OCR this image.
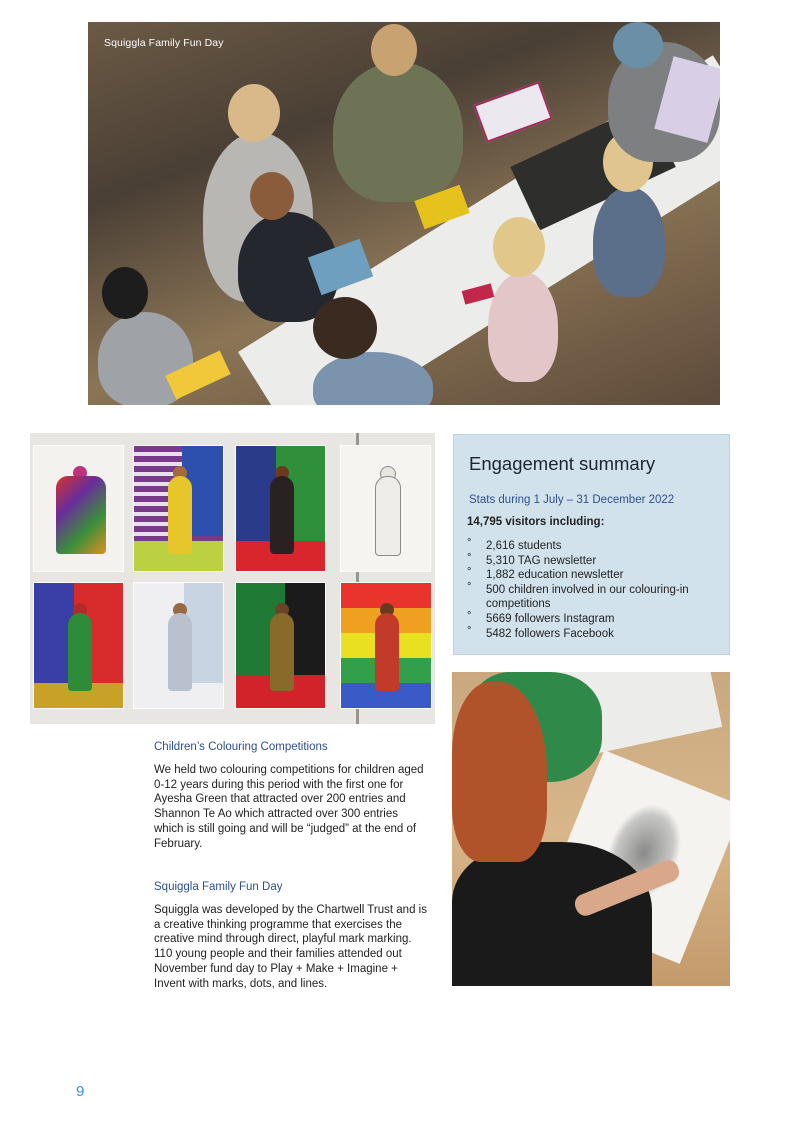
Squiggla Family Fun Day
Engagement summary
Stats during 1 July – 31 December 2022
14,795 visitors including:
° 2,616 students
° 5,310 TAG newsletter
° 1,882 education newsletter
° 500 children involved in our colouring-in competitions
° 5669 followers Instagram
° 5482 followers Facebook
Children’s Colouring Competitions
We held two colouring competitions for children aged 0-12 years during this period with the first one for Ayesha Green that attracted over 200 entries and Shannon Te Ao which attracted over 300 entries which is still going and will be “judged” at the end of February.
Squiggla Family Fun Day
Squiggla was developed by the Chartwell Trust and is a creative thinking programme that exercises the creative mind through direct, playful mark marking. 110 young people and their families attended out November fund day to Play + Make + Imagine + Invent with marks, dots, and lines.
9
